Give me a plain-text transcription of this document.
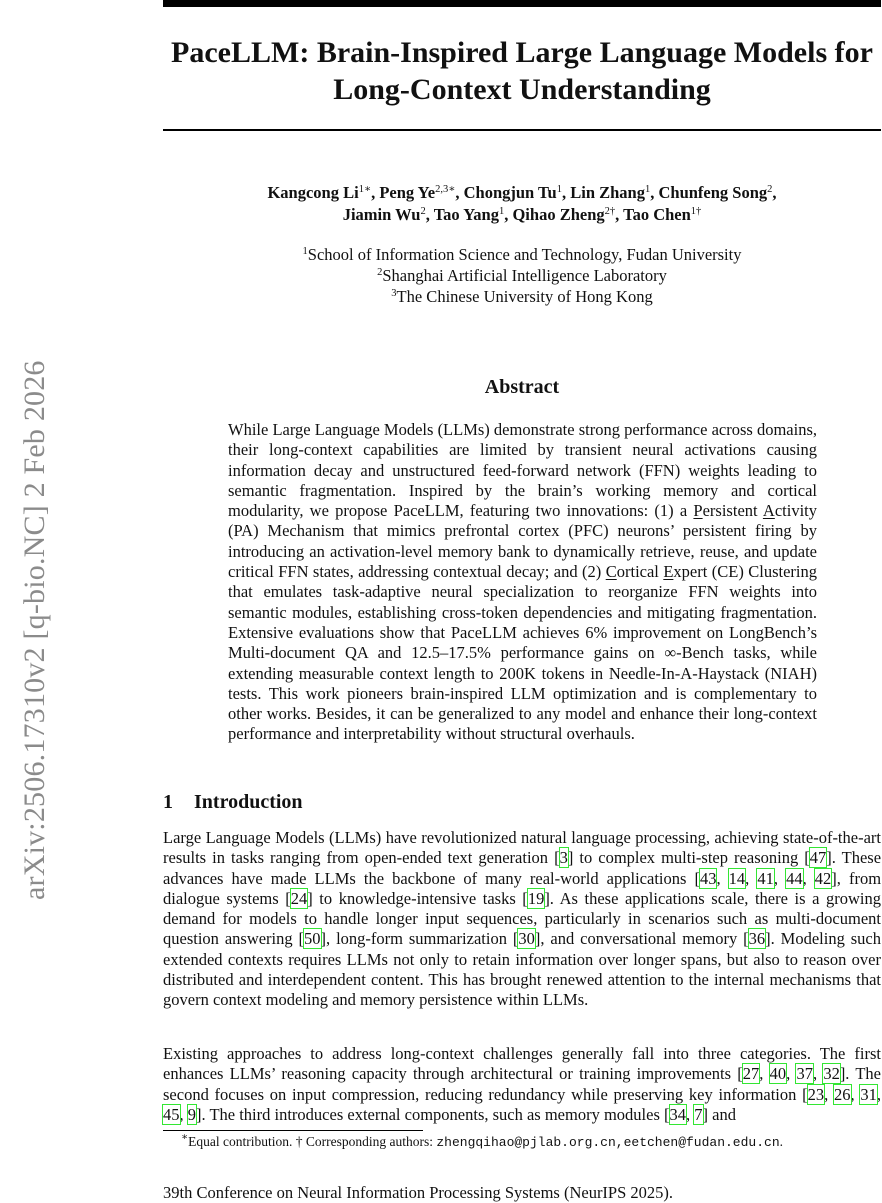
arXiv:2506.17310v2 [q-bio.NC] 2 Feb 2026
PaceLLM: Brain-Inspired Large Language Models for
Long-Context Understanding
Kangcong $Li^{1∗}$, Peng $Ye^{2,3∗}$, Chongjun Tu$^1$, Lin Zhang$^1$, Chunfeng Song$^2$,
Jiamin Wu$^2$, Tao Yang$^1$, Qihao Zheng$^{2\dagger}$, Tao Chen$^{1\dagger}$
$^1$School of Information Science and Technology, Fudan University
$^2$Shanghai Artificial Intelligence Laboratory
$^3$The Chinese University of Hong Kong
Abstract
While Large Language Models (LLMs) demonstrate strong performance across domains, their long-context capabilities are limited by transient neural activations causing information decay and unstructured feed-forward network (FFN) weights leading to semantic fragmentation. Inspired by the brain’s working memory and cortical modularity, we propose PaceLLM, featuring two innovations: (1) a Persistent Activity (PA) Mechanism that mimics prefrontal cortex (PFC) neurons’ persistent firing by introducing an activation-level memory bank to dynamically retrieve, reuse, and update critical FFN states, addressing contextual decay; and (2) Cortical Expert (CE) Clustering that emulates task-adaptive neural specialization to reorganize FFN weights into semantic modules, establishing cross-token dependencies and mitigating fragmentation. Extensive evaluations show that PaceLLM achieves 6% improvement on LongBench’s Multi-document QA and 12.5–17.5% performance gains on ∞-Bench tasks, while extending measurable context length to 200K tokens in Needle-In-A-Haystack (NIAH) tests. This work pioneers brain-inspired LLM optimization and is complementary to other works. Besides, it can be generalized to any model and enhance their long-context performance and interpretability without structural overhauls.
1 Introduction
Large Language Models (LLMs) have revolutionized natural language processing, achieving state-of-the-art results in tasks ranging from open-ended text generation [3] to complex multi-step reasoning [47]. These advances have made LLMs the backbone of many real-world applications [43, 14, 41, 44, 42], from dialogue systems [24] to knowledge-intensive tasks [19]. As these applications scale, there is a growing demand for models to handle longer input sequences, particularly in scenarios such as multi-document question answering [50], long-form summarization [30], and conversational memory [36]. Modeling such extended contexts requires LLMs not only to retain information over longer spans, but also to reason over distributed and interdependent content. This has brought renewed attention to the internal mechanisms that govern context modeling and memory persistence within LLMs.
Existing approaches to address long-context challenges generally fall into three categories. The first enhances LLMs’ reasoning capacity through architectural or training improvements [27, 40, 37, 32]. The second focuses on input compression, reducing redundancy while preserving key information [23, 26, 31, 45, 9]. The third introduces external components, such as memory modules [34, 7] and
∗Equal contribution. † Corresponding authors: zhengqihao@pjlab.org.cn,eetchen@fudan.edu.cn.
39th Conference on Neural Information Processing Systems (NeurIPS 2025).
